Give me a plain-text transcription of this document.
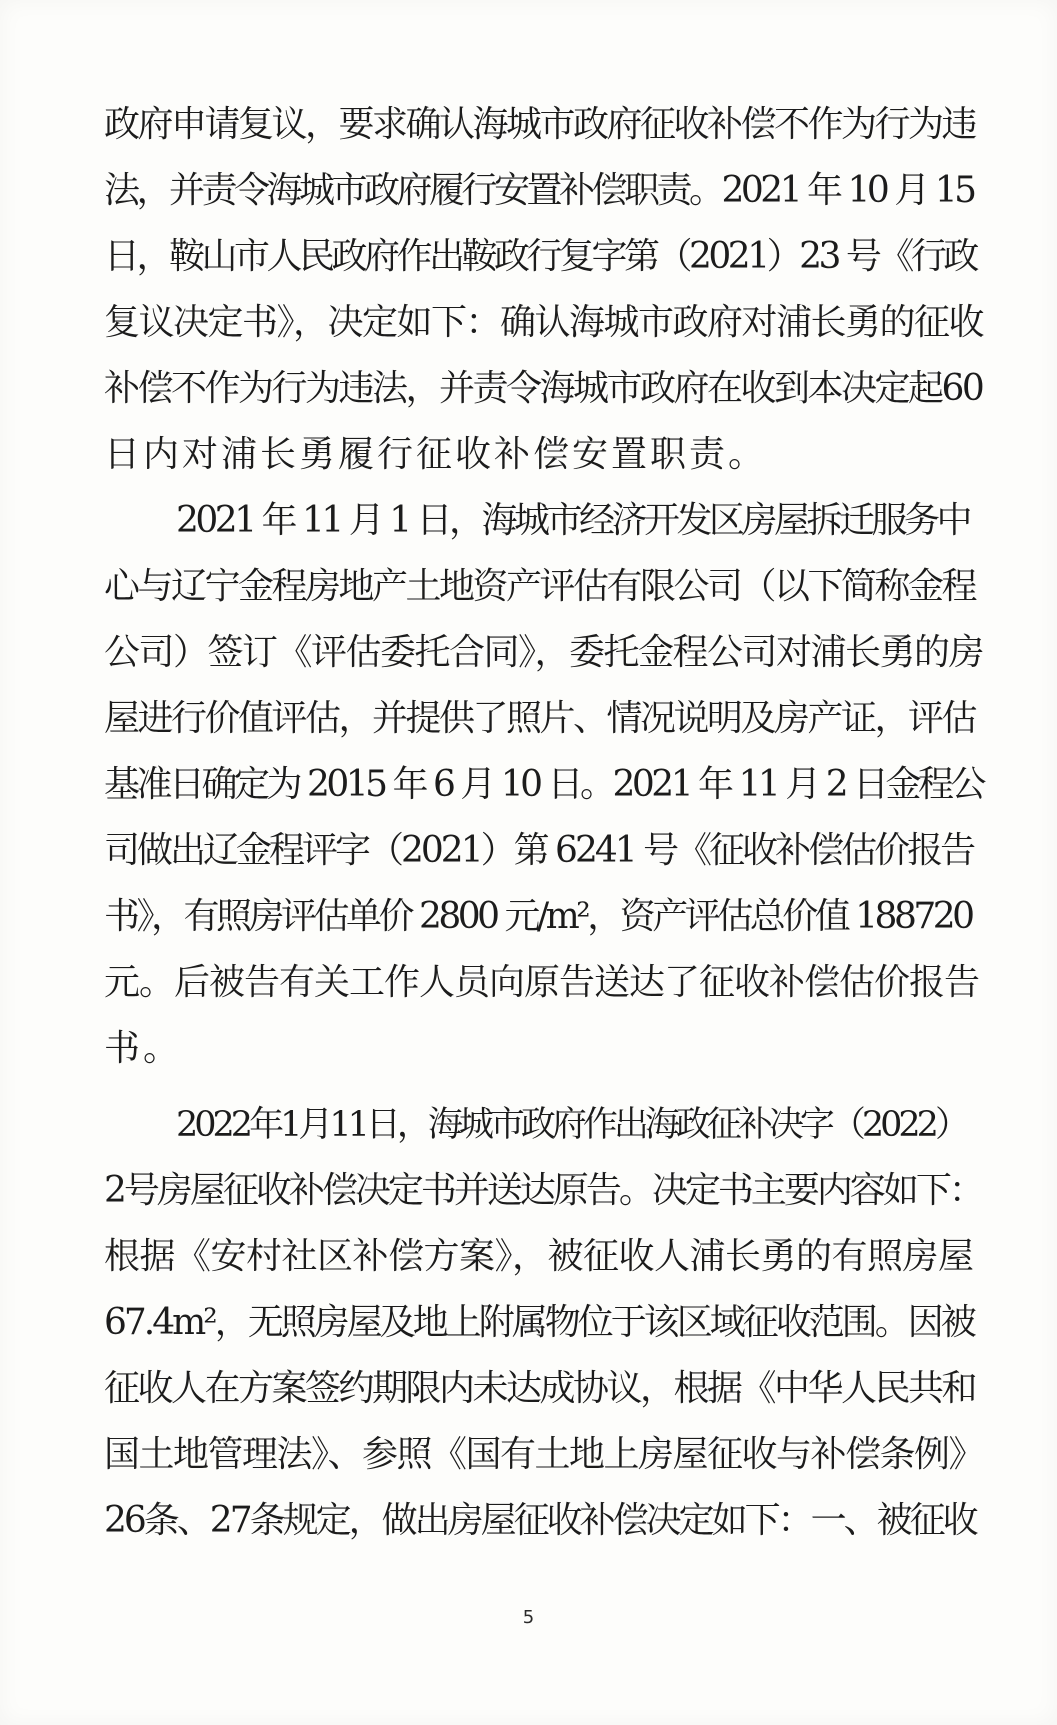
政府申请复议，要求确认海城市政府征收补偿不作为行为违
法，并责令海城市政府履行安置补偿职责。2021 年 10 月 15
日，鞍山市人民政府作出鞍政行复字第（2021）23 号《行政
复议决定书》，决定如下：确认海城市政府对浦长勇的征收
补偿不作为行为违法，并责令海城市政府在收到本决定起60
日内对浦长勇履行征收补偿安置职责。
2021 年 11 月 1 日，海城市经济开发区房屋拆迁服务中
心与辽宁金程房地产土地资产评估有限公司（以下简称金程
公司）签订《评估委托合同》，委托金程公司对浦长勇的房
屋进行价值评估，并提供了照片、情况说明及房产证，评估
基准日确定为 2015 年 6 月 10 日。2021 年 11 月 2 日金程公
司做出辽金程评字（2021）第 6241 号《征收补偿估价报告
书》，有照房评估单价 2800 元/m²，资产评估总价值 188720
元。后被告有关工作人员向原告送达了征收补偿估价报告
书。
2022年1月11日，海城市政府作出海政征补决字（2022）
2号房屋征收补偿决定书并送达原告。决定书主要内容如下：
根据《安村社区补偿方案》，被征收人浦长勇的有照房屋
67.4m²，无照房屋及地上附属物位于该区域征收范围。因被
征收人在方案签约期限内未达成协议，根据《中华人民共和
国土地管理法》、参照《国有土地上房屋征收与补偿条例》
26条、27条规定，做出房屋征收补偿决定如下：一、被征收
5
